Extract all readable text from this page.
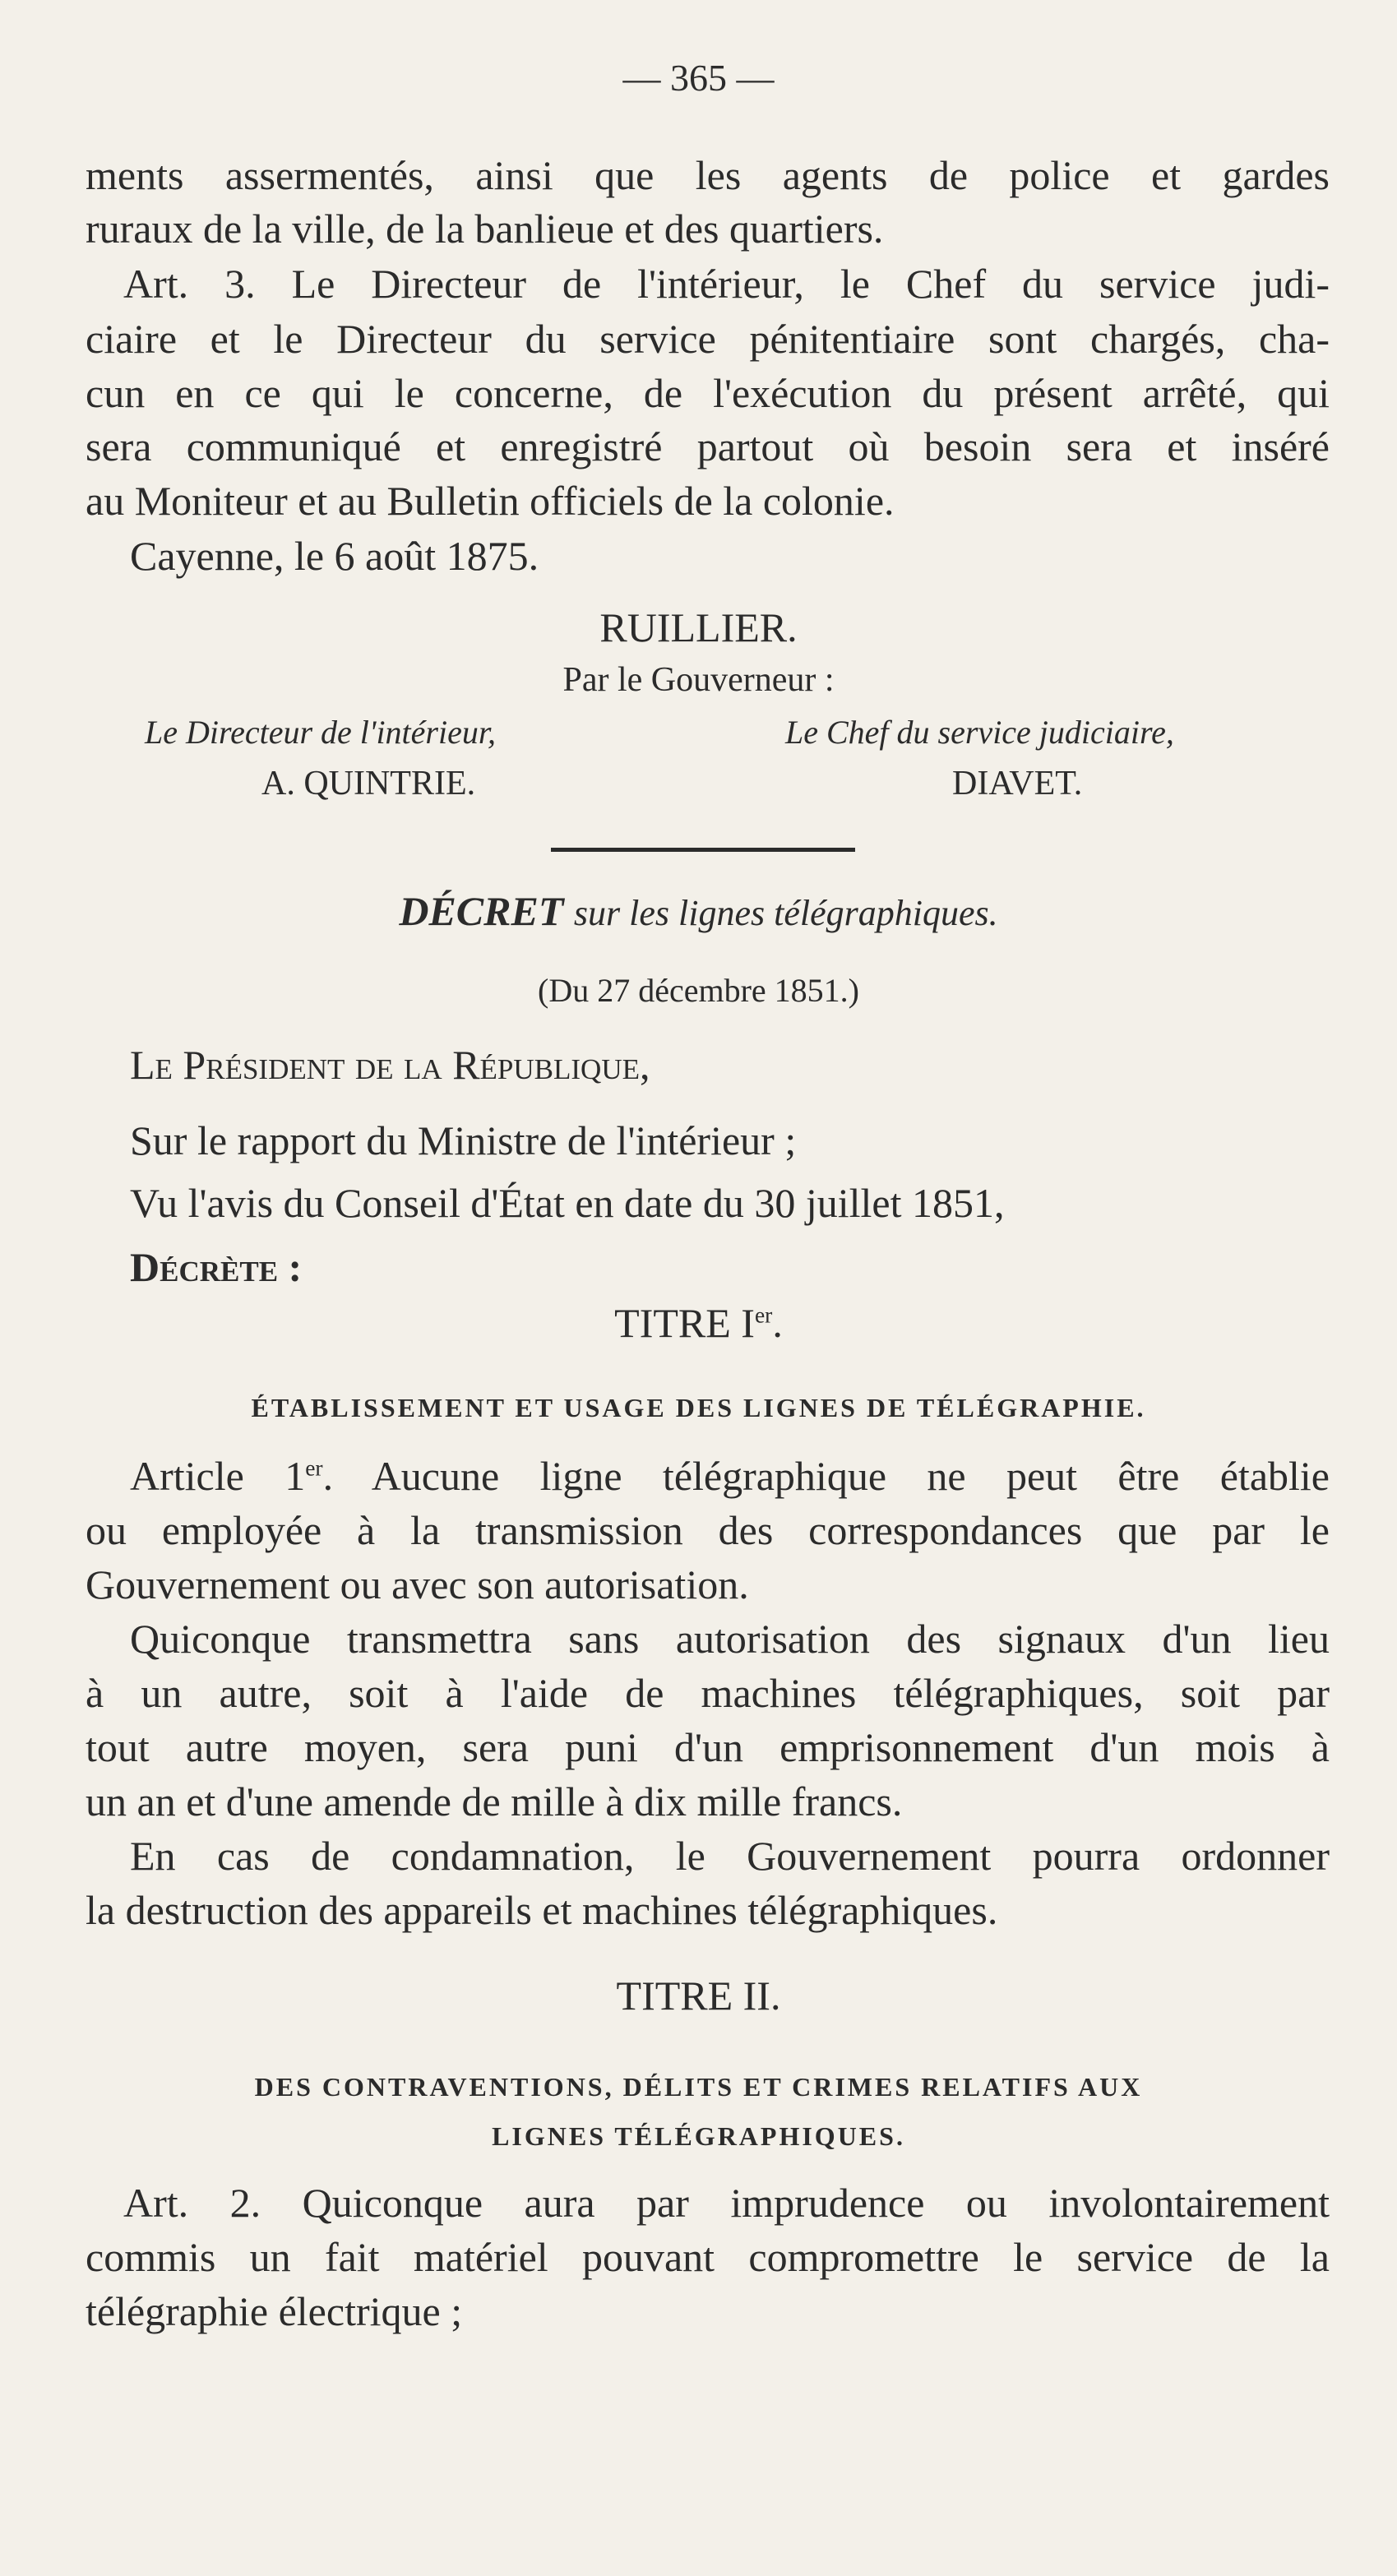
— 365 —

ments assermentés, ainsi que les agents de police et gardes

ruraux de la ville, de la banlieue et des quartiers.

Art. 3. Le Directeur de l'intérieur, le Chef du service judi-

ciaire et le Directeur du service pénitentiaire sont chargés, cha-

cun en ce qui le concerne, de l'exécution du présent arrêté, qui

sera communiqué et enregistré partout où besoin sera et inséré

au Moniteur et au Bulletin officiels de la colonie.

Cayenne, le 6 août 1875.

RUILLIER.

Par le Gouverneur :

Le Directeur de l'intérieur,	Le Chef du service judiciaire,

A. QUINTRIE.	DIAVET.

DÉCRET sur les lignes télégraphiques.

(Du 27 décembre 1851.)

Le Président de la République,

Sur le rapport du Ministre de l'intérieur ;

Vu l'avis du Conseil d'État en date du 30 juillet 1851,

Décrète :

TITRE Ier.

ÉTABLISSEMENT ET USAGE DES LIGNES DE TÉLÉGRAPHIE.

Article 1er. Aucune ligne télégraphique ne peut être établie

ou employée à la transmission des correspondances que par le

Gouvernement ou avec son autorisation.

Quiconque transmettra sans autorisation des signaux d'un lieu

à un autre, soit à l'aide de machines télégraphiques, soit par

tout autre moyen, sera puni d'un emprisonnement d'un mois à

un an et d'une amende de mille à dix mille francs.

En cas de condamnation, le Gouvernement pourra ordonner

la destruction des appareils et machines télégraphiques.

TITRE II.

DES CONTRAVENTIONS, DÉLITS ET CRIMES RELATIFS AUX

LIGNES TÉLÉGRAPHIQUES.

Art. 2. Quiconque aura par imprudence ou involontairement

commis un fait matériel pouvant compromettre le service de la

télégraphie électrique ;
